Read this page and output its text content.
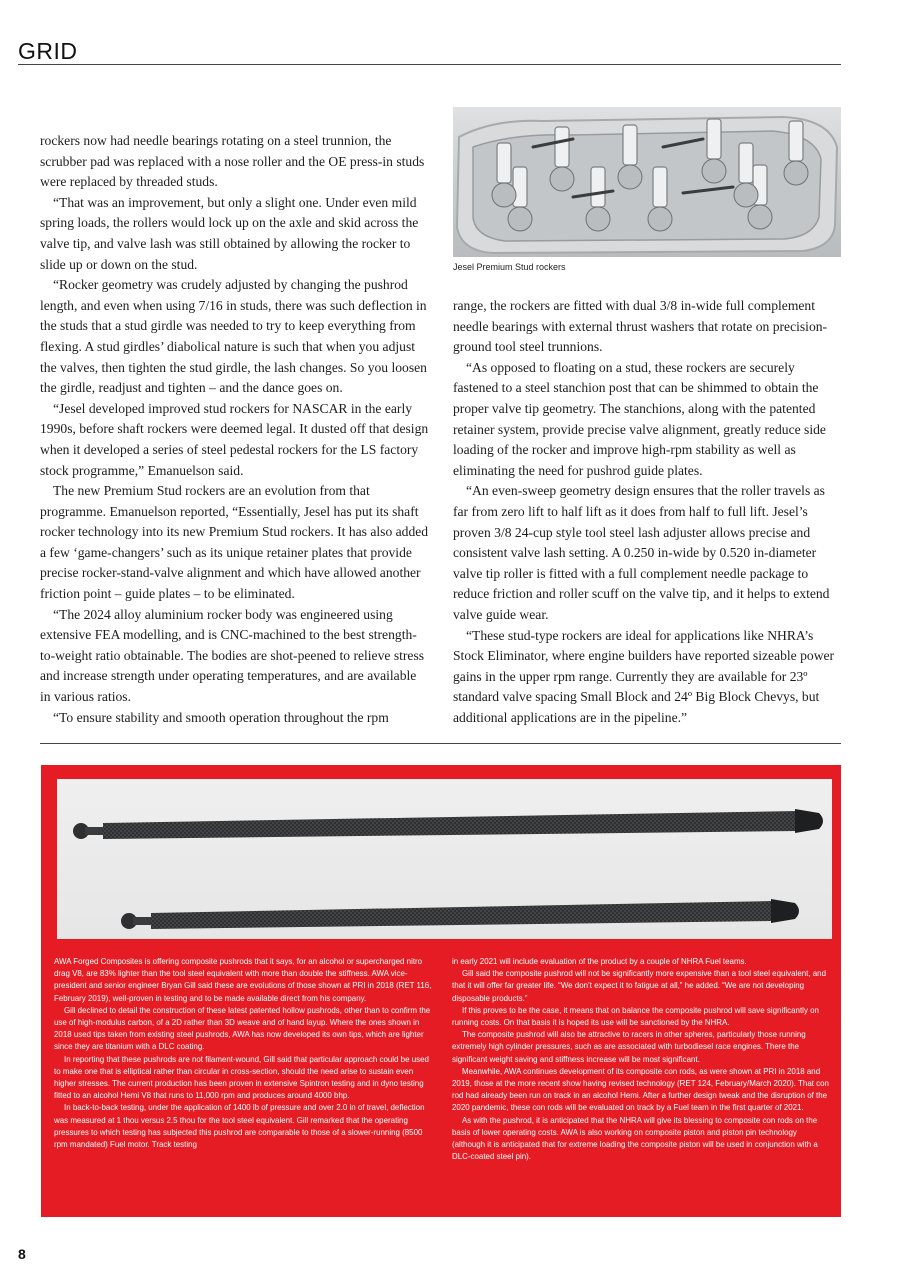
GRID

rockers now had needle bearings rotating on a steel trunnion, the scrubber pad was replaced with a nose roller and the OE press-in studs were replaced by threaded studs.

“That was an improvement, but only a slight one. Under even mild spring loads, the rollers would lock up on the axle and skid across the valve tip, and valve lash was still obtained by allowing the rocker to slide up or down on the stud.

“Rocker geometry was crudely adjusted by changing the pushrod length, and even when using 7/16 in studs, there was such deflection in the studs that a stud girdle was needed to try to keep everything from flexing. A stud girdles’ diabolical nature is such that when you adjust the valves, then tighten the stud girdle, the lash changes. So you loosen the girdle, readjust and tighten – and the dance goes on.

“Jesel developed improved stud rockers for NASCAR in the early 1990s, before shaft rockers were deemed legal. It dusted off that design when it developed a series of steel pedestal rockers for the LS factory stock programme,” Emanuelson said.

The new Premium Stud rockers are an evolution from that programme. Emanuelson reported, “Essentially, Jesel has put its shaft rocker technology into its new Premium Stud rockers. It has also added a few ‘game-changers’ such as its unique retainer plates that provide precise rocker-stand-valve alignment and which have allowed another friction point – guide plates – to be eliminated.

“The 2024 alloy aluminium rocker body was engineered using extensive FEA modelling, and is CNC-machined to the best strength-to-weight ratio obtainable. The bodies are shot-peened to relieve stress and increase strength under operating temperatures, and are available in various ratios.

“To ensure stability and smooth operation throughout the rpm

Jesel Premium Stud rockers

range, the rockers are fitted with dual 3/8 in-wide full complement needle bearings with external thrust washers that rotate on precision-ground tool steel trunnions.

“As opposed to floating on a stud, these rockers are securely fastened to a steel stanchion post that can be shimmed to obtain the proper valve tip geometry. The stanchions, along with the patented retainer system, provide precise valve alignment, greatly reduce side loading of the rocker and improve high-rpm stability as well as eliminating the need for pushrod guide plates.

“An even-sweep geometry design ensures that the roller travels as far from zero lift to half lift as it does from half to full lift. Jesel’s proven 3/8 24-cup style tool steel lash adjuster allows precise and consistent valve lash setting. A 0.250 in-wide by 0.520 in-diameter valve tip roller is fitted with a full complement needle package to reduce friction and roller scuff on the valve tip, and it helps to extend valve guide wear.

“These stud-type rockers are ideal for applications like NHRA’s Stock Eliminator, where engine builders have reported sizeable power gains in the upper rpm range. Currently they are available for 23º standard valve spacing Small Block and 24º Big Block Chevys, but additional applications are in the pipeline.”

AWA Forged Composites is offering composite pushrods that it says, for an alcohol or supercharged nitro drag V8, are 83% lighter than the tool steel equivalent with more than double the stiffness. AWA vice-president and senior engineer Bryan Gill said these are evolutions of those shown at PRI in 2018 (RET 116, February 2019), well-proven in testing and to be made available direct from his company.

Gill declined to detail the construction of these latest patented hollow pushrods, other than to confirm the use of high-modulus carbon, of a 2D rather than 3D weave and of hand layup. Where the ones shown in 2018 used tips taken from existing steel pushrods, AWA has now developed its own tips, which are lighter since they are titanium with a DLC coating.

In reporting that these pushrods are not filament-wound, Gill said that particular approach could be used to make one that is elliptical rather than circular in cross-section, should the need arise to sustain even higher stresses. The current production has been proven in extensive Spintron testing and in dyno testing fitted to an alcohol Hemi V8 that runs to 11,000 rpm and produces around 4000 bhp.

In back-to-back testing, under the application of 1400 lb of pressure and over 2.0 in of travel, deflection was measured at 1 thou versus 2.5 thou for the tool steel equivalent. Gill remarked that the operating pressures to which testing has subjected this pushrod are comparable to those of a slower-running (8500 rpm mandated) Fuel motor. Track testing

in early 2021 will include evaluation of the product by a couple of NHRA Fuel teams.

Gill said the composite pushrod will not be significantly more expensive than a tool steel equivalent, and that it will offer far greater life. “We don’t expect it to fatigue at all,” he added. “We are not developing disposable products.”

If this proves to be the case, it means that on balance the composite pushrod will save significantly on running costs. On that basis it is hoped its use will be sanctioned by the NHRA.

The composite pushrod will also be attractive to racers in other spheres, particularly those running extremely high cylinder pressures, such as are associated with turbodiesel race engines. There the significant weight saving and stiffness increase will be most significant.

Meanwhile, AWA continues development of its composite con rods, as were shown at PRI in 2018 and 2019, those at the more recent show having revised technology (RET 124, February/March 2020). That con rod had already been run on track in an alcohol Hemi. After a further design tweak and the disruption of the 2020 pandemic, these con rods will be evaluated on track by a Fuel team in the first quarter of 2021.

As with the pushrod, it is anticipated that the NHRA will give its blessing to composite con rods on the basis of lower operating costs. AWA is also working on composite piston and piston pin technology (although it is anticipated that for extreme loading the composite piston will be used in conjunction with a DLC-coated steel pin).

8
